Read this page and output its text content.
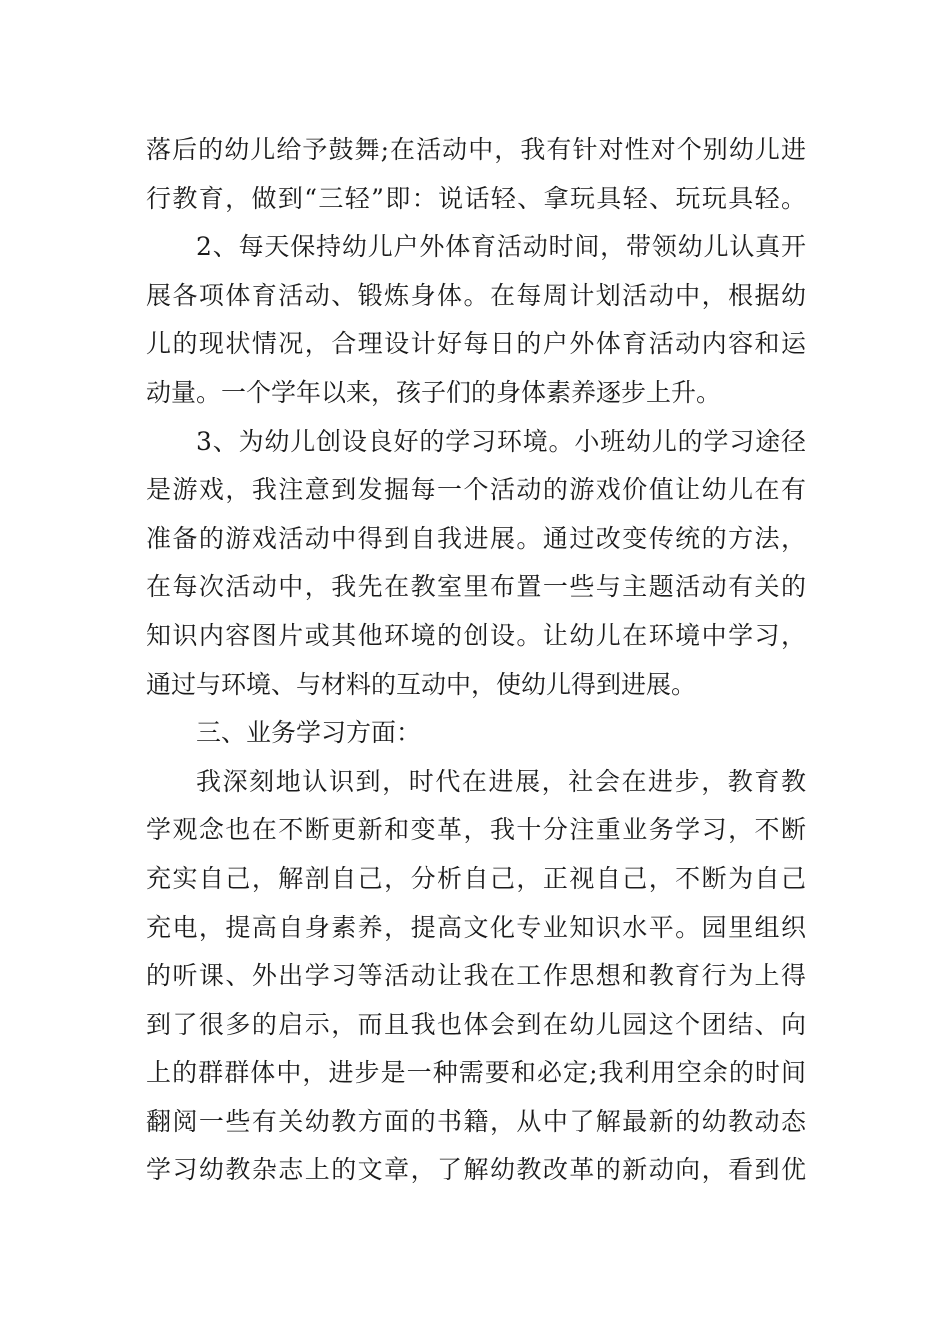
落后的幼儿给予鼓舞;在活动中，我有针对性对个别幼儿进
行教育，做到“三轻”即：说话轻、拿玩具轻、玩玩具轻。
2、每天保持幼儿户外体育活动时间，带领幼儿认真开
展各项体育活动、锻炼身体。在每周计划活动中，根据幼
儿的现状情况，合理设计好每日的户外体育活动内容和运
动量。一个学年以来，孩子们的身体素养逐步上升。
3、为幼儿创设良好的学习环境。小班幼儿的学习途径
是游戏，我注意到发掘每一个活动的游戏价值让幼儿在有
准备的游戏活动中得到自我进展。通过改变传统的方法，
在每次活动中，我先在教室里布置一些与主题活动有关的
知识内容图片或其他环境的创设。让幼儿在环境中学习，
通过与环境、与材料的互动中，使幼儿得到进展。
三、业务学习方面：
我深刻地认识到，时代在进展，社会在进步，教育教
学观念也在不断更新和变革，我十分注重业务学习，不断
充实自己，解剖自己，分析自己，正视自己，不断为自己
充电，提高自身素养，提高文化专业知识水平。园里组织
的听课、外出学习等活动让我在工作思想和教育行为上得
到了很多的启示，而且我也体会到在幼儿园这个团结、向
上的群群体中，进步是一种需要和必定;我利用空余的时间
翻阅一些有关幼教方面的书籍，从中了解最新的幼教动态
学习幼教杂志上的文章，了解幼教改革的新动向，看到优
